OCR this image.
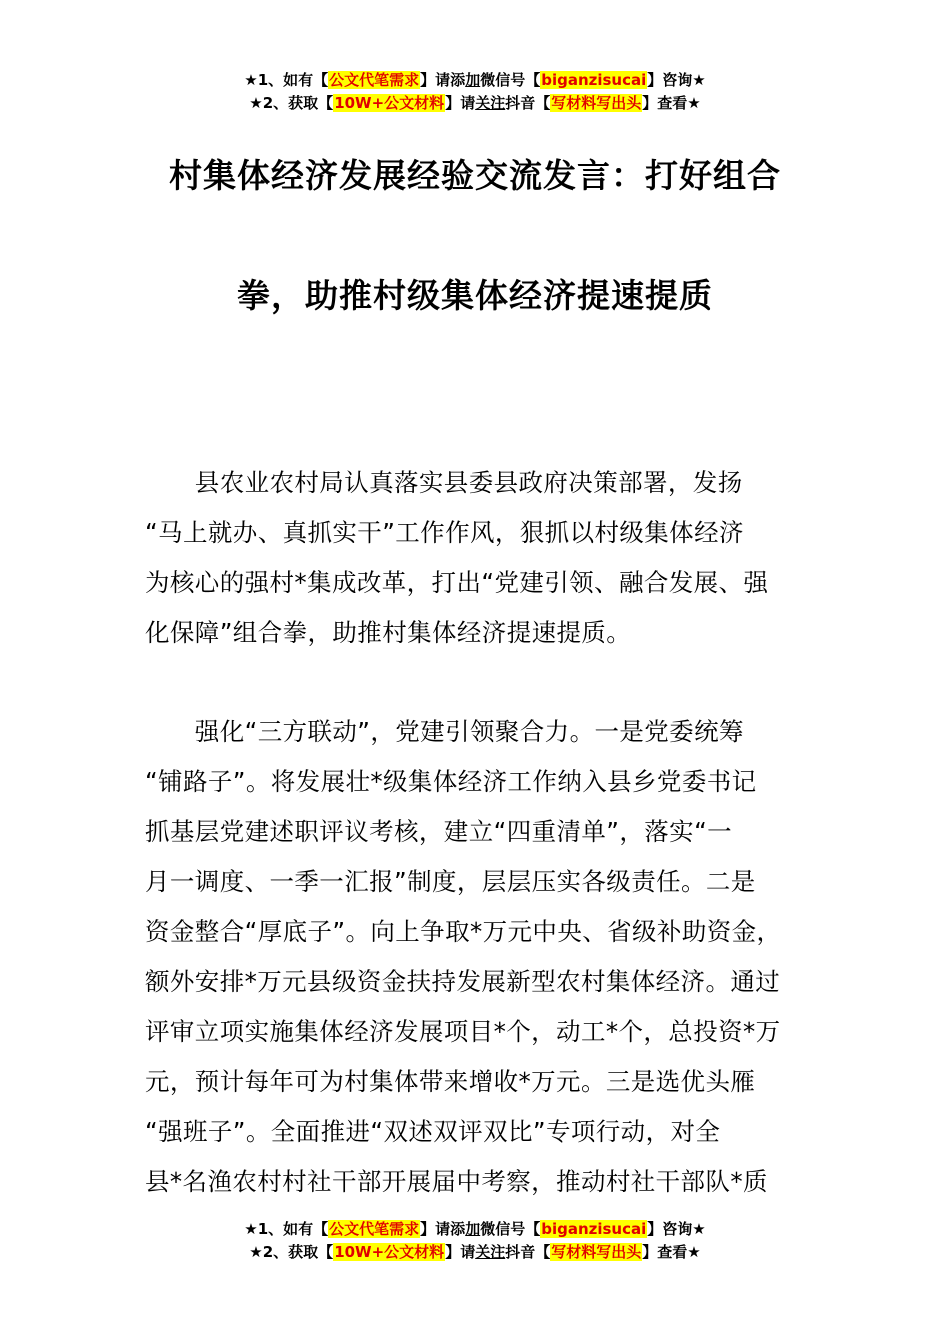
★1、如有【公文代笔需求】请添加微信号【biganzisucai】咨询★
★2、获取【10W+公文材料】请关注抖音【写材料写出头】查看★
村集体经济发展经验交流发言：打好组合
拳，助推村级集体经济提速提质
　　县农业农村局认真落实县委县政府决策部署，发扬
“马上就办、真抓实干”工作作风，狠抓以村级集体经济
为核心的强村*集成改革，打出“党建引领、融合发展、强
化保障”组合拳，助推村集体经济提速提质。
　　强化“三方联动”，党建引领聚合力。一是党委统筹
“铺路子”。将发展壮*级集体经济工作纳入县乡党委书记
抓基层党建述职评议考核，建立“四重清单”，落实“一
月一调度、一季一汇报”制度，层层压实各级责任。二是
资金整合“厚底子”。向上争取*万元中央、省级补助资金，
额外安排*万元县级资金扶持发展新型农村集体经济。通过
评审立项实施集体经济发展项目*个，动工*个，总投资*万
元，预计每年可为村集体带来增收*万元。三是选优头雁
“强班子”。全面推进“双述双评双比”专项行动，对全
县*名渔农村村社干部开展届中考察，推动村社干部队*质
★1、如有【公文代笔需求】请添加微信号【biganzisucai】咨询★
★2、获取【10W+公文材料】请关注抖音【写材料写出头】查看★
